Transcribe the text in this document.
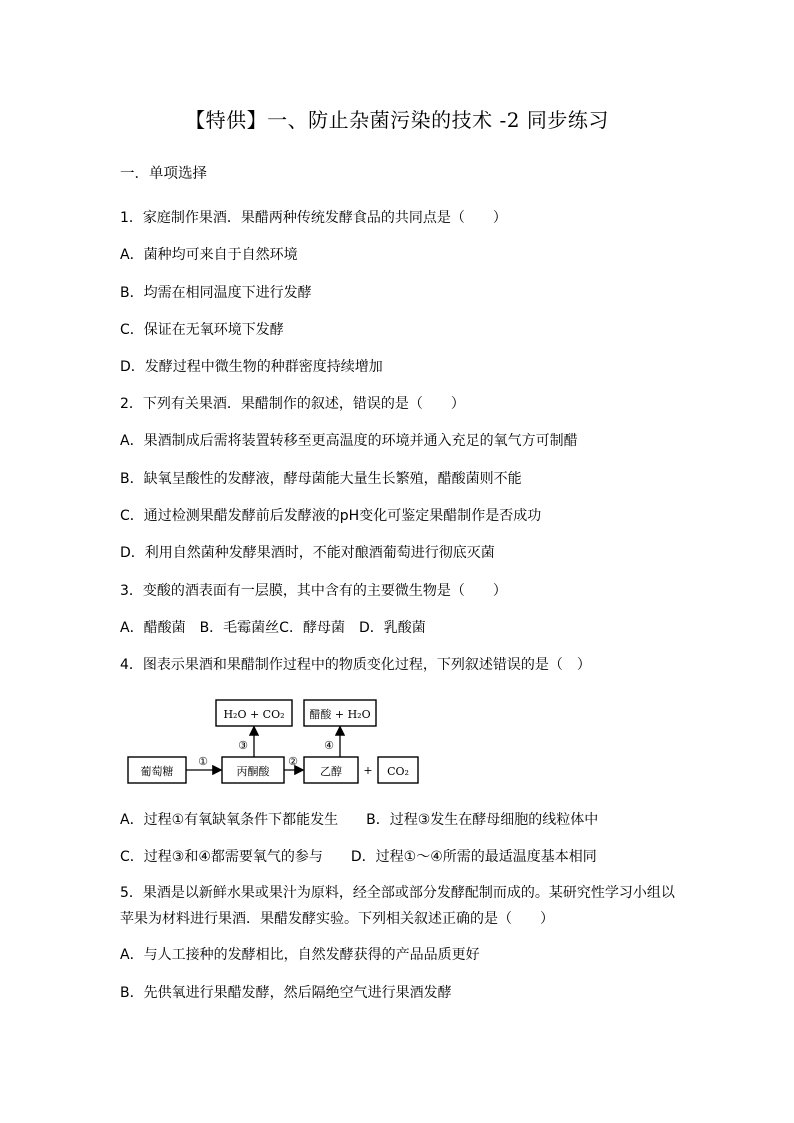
【特供】一、防止杂菌污染的技术 -2 同步练习
一．单项选择
1．家庭制作果酒．果醋两种传统发酵食品的共同点是（　　）
A．菌种均可来自于自然环境
B．均需在相同温度下进行发酵
C．保证在无氧环境下发酵
D．发酵过程中微生物的种群密度持续增加
2．下列有关果酒．果醋制作的叙述，错误的是（　　）
A．果酒制成后需将装置转移至更高温度的环境并通入充足的氧气方可制醋
B．缺氧呈酸性的发酵液，酵母菌能大量生长繁殖，醋酸菌则不能
C．通过检测果醋发酵前后发酵液的pH变化可鉴定果醋制作是否成功
D．利用自然菌种发酵果酒时，不能对酿酒葡萄进行彻底灭菌
3．变酸的酒表面有一层膜，其中含有的主要微生物是（　　）
A．醋酸菌　B．毛霉菌丝C．酵母菌　D．乳酸菌
4．图表示果酒和果醋制作过程中的物质变化过程，下列叙述错误的是（　）
H₂O + CO₂ 醋酸 + H₂O
葡萄糖	丙酮酸	乙醇 + CO₂
①	②
③	④
A．过程①有氧缺氧条件下都能发生　　B．过程③发生在酵母细胞的线粒体中
C．过程③和④都需要氧气的参与　　D．过程①～④所需的最适温度基本相同
5．果酒是以新鲜水果或果汁为原料，经全部或部分发酵配制而成的。某研究性学习小组以苹果为材料进行果酒．果醋发酵实验。下列相关叙述正确的是（　　）
A．与人工接种的发酵相比，自然发酵获得的产品品质更好
B．先供氧进行果醋发酵，然后隔绝空气进行果酒发酵
